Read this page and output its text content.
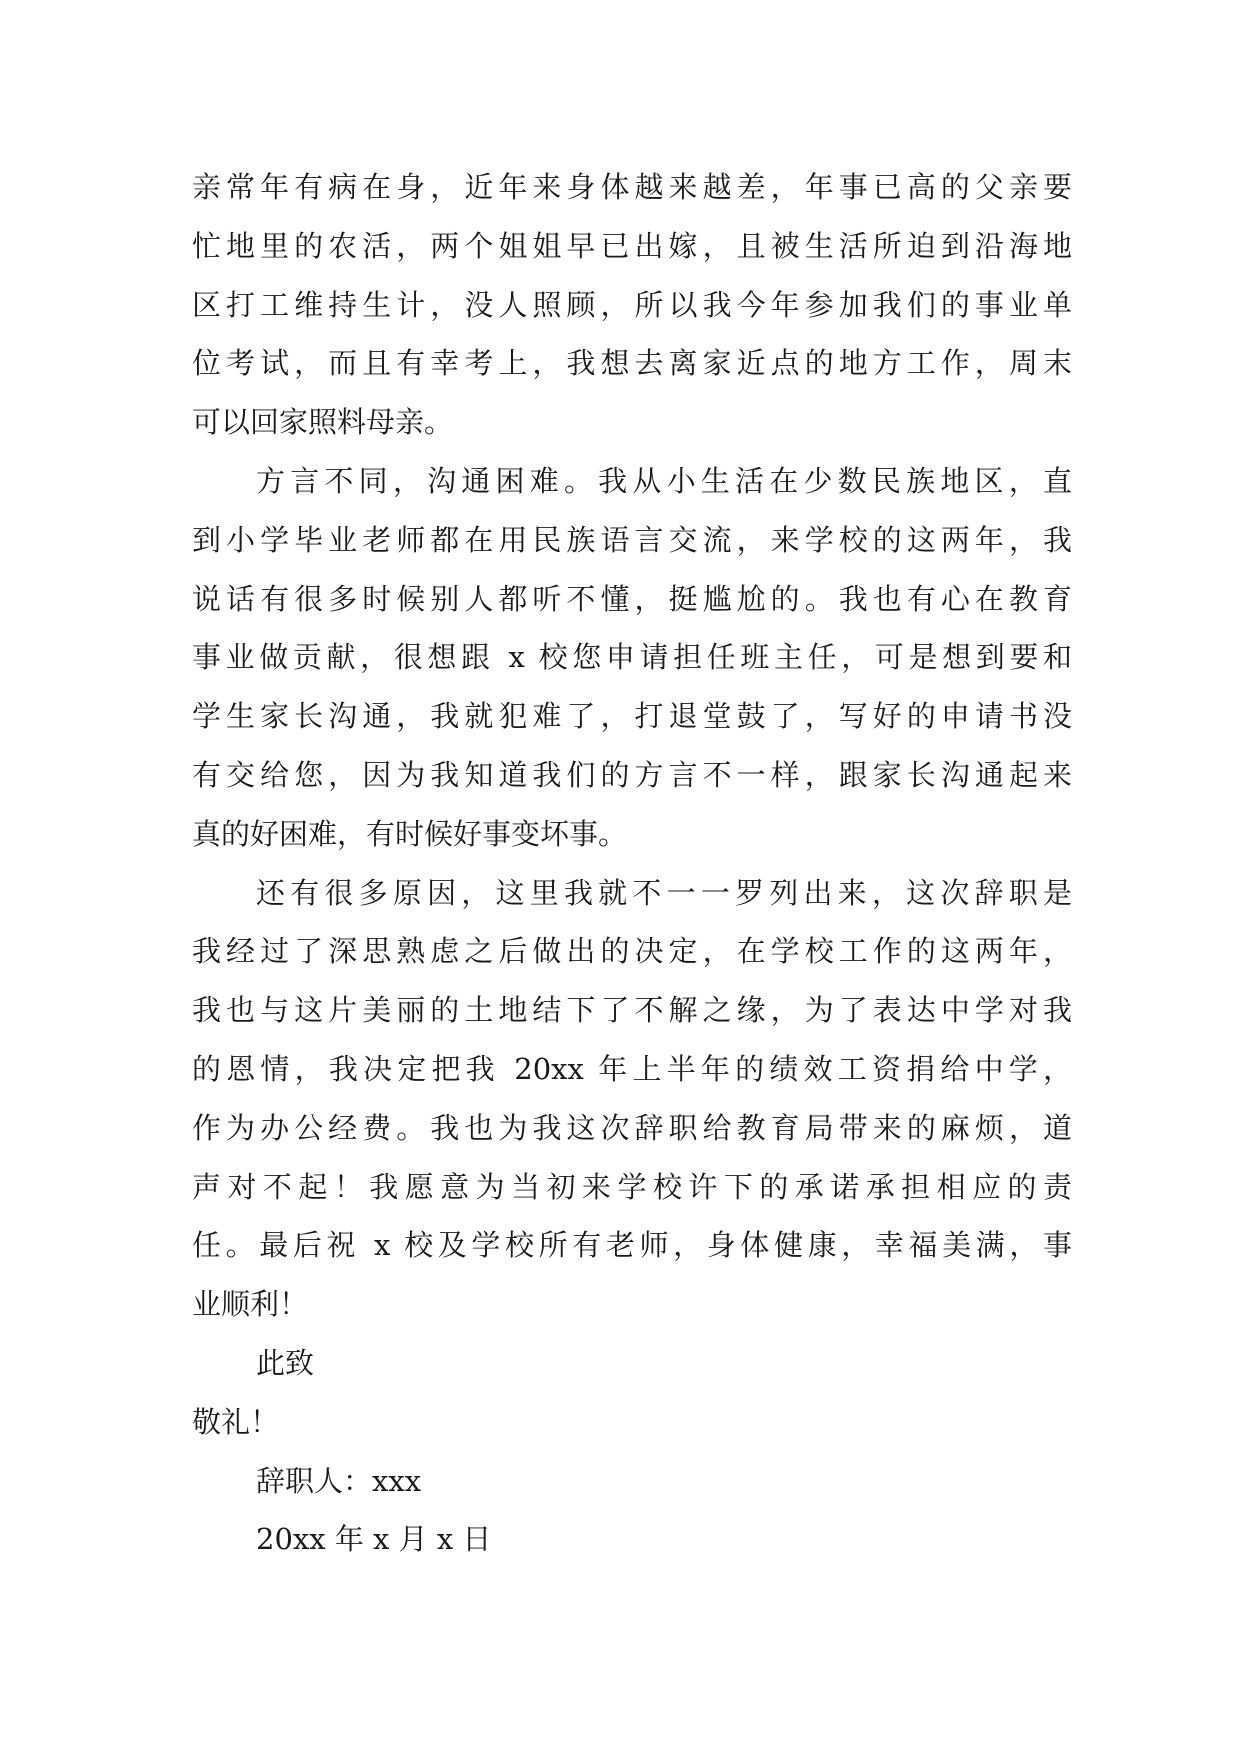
亲常年有病在身，近年来身体越来越差，年事已高的父亲要
忙地里的农活，两个姐姐早已出嫁，且被生活所迫到沿海地
区打工维持生计，没人照顾，所以我今年参加我们的事业单
位考试，而且有幸考上，我想去离家近点的地方工作，周末
可以回家照料母亲。
方言不同，沟通困难。我从小生活在少数民族地区，直
到小学毕业老师都在用民族语言交流，来学校的这两年，我
说话有很多时候别人都听不懂，挺尴尬的。我也有心在教育
事业做贡献，很想跟 x 校您申请担任班主任，可是想到要和
学生家长沟通，我就犯难了，打退堂鼓了，写好的申请书没
有交给您，因为我知道我们的方言不一样，跟家长沟通起来
真的好困难，有时候好事变坏事。
还有很多原因，这里我就不一一罗列出来，这次辞职是
我经过了深思熟虑之后做出的决定，在学校工作的这两年，
我也与这片美丽的土地结下了不解之缘，为了表达中学对我
的恩情，我决定把我 20xx 年上半年的绩效工资捐给中学，
作为办公经费。我也为我这次辞职给教育局带来的麻烦，道
声对不起！我愿意为当初来学校许下的承诺承担相应的责
任。最后祝 x 校及学校所有老师，身体健康，幸福美满，事
业顺利！
此致
敬礼！
辞职人：xxx
20xx 年 x 月 x 日
